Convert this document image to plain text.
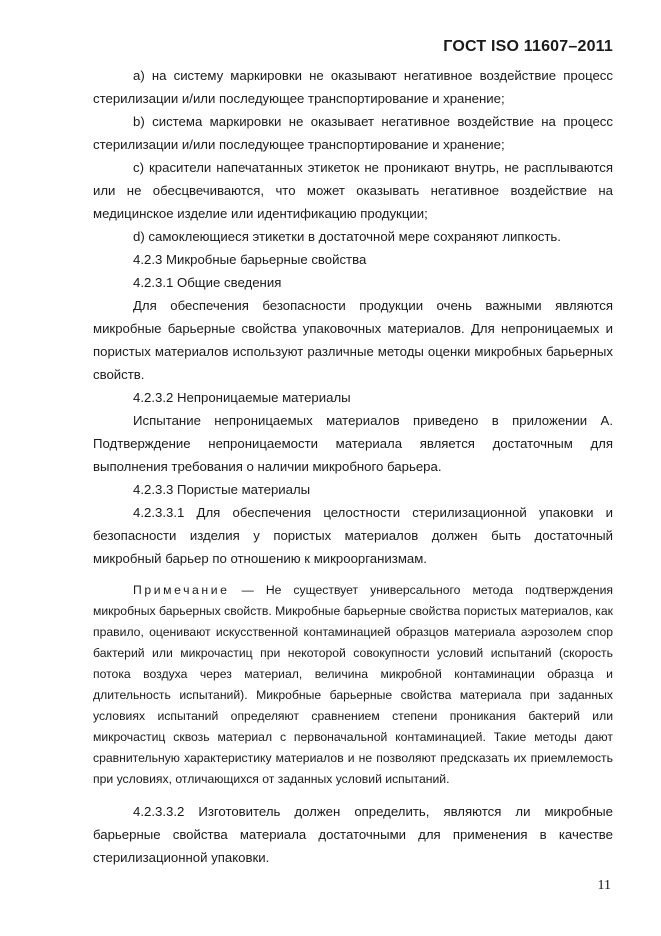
ГОСТ ISO 11607–2011

а) на систему маркировки не оказывают негативное воздействие процесс стерилизации и/или последующее транспортирование и хранение;

b) система маркировки не оказывает негативное воздействие на процесс стерилизации и/или последующее транспортирование и хранение;

с) красители напечатанных этикеток не проникают внутрь, не расплываются или не обесцвечиваются, что может оказывать негативное воздействие на медицинское изделие или идентификацию продукции;

d) самоклеющиеся этикетки в достаточной мере сохраняют липкость.

4.2.3 Микробные барьерные свойства

4.2.3.1 Общие сведения

Для обеспечения безопасности продукции очень важными являются микробные барьерные свойства упаковочных материалов. Для непроницаемых и пористых материалов используют различные методы оценки микробных барьерных свойств.

4.2.3.2 Непроницаемые материалы

Испытание непроницаемых материалов приведено в приложении А. Подтверждение непроницаемости материала является достаточным для выполнения требования о наличии микробного барьера.

4.2.3.3 Пористые материалы

4.2.3.3.1 Для обеспечения целостности стерилизационной упаковки и безопасности изделия у пористых материалов должен быть достаточный микробный барьер по отношению к микроорганизмам.

Примечание — Не существует универсального метода подтверждения микробных барьерных свойств. Микробные барьерные свойства пористых материалов, как правило, оценивают искусственной контаминацией образцов материала аэрозолем спор бактерий или микрочастиц при некоторой совокупности условий испытаний (скорость потока воздуха через материал, величина микробной контаминации образца и длительность испытаний). Микробные барьерные свойства материала при заданных условиях испытаний определяют сравнением степени проникания бактерий или микрочастиц сквозь материал с первоначальной контаминацией. Такие методы дают сравнительную характеристику материалов и не позволяют предсказать их приемлемость при условиях, отличающихся от заданных условий испытаний.

4.2.3.3.2 Изготовитель должен определить, являются ли микробные барьерные свойства материала достаточными для применения в качестве стерилизационной упаковки.

11
